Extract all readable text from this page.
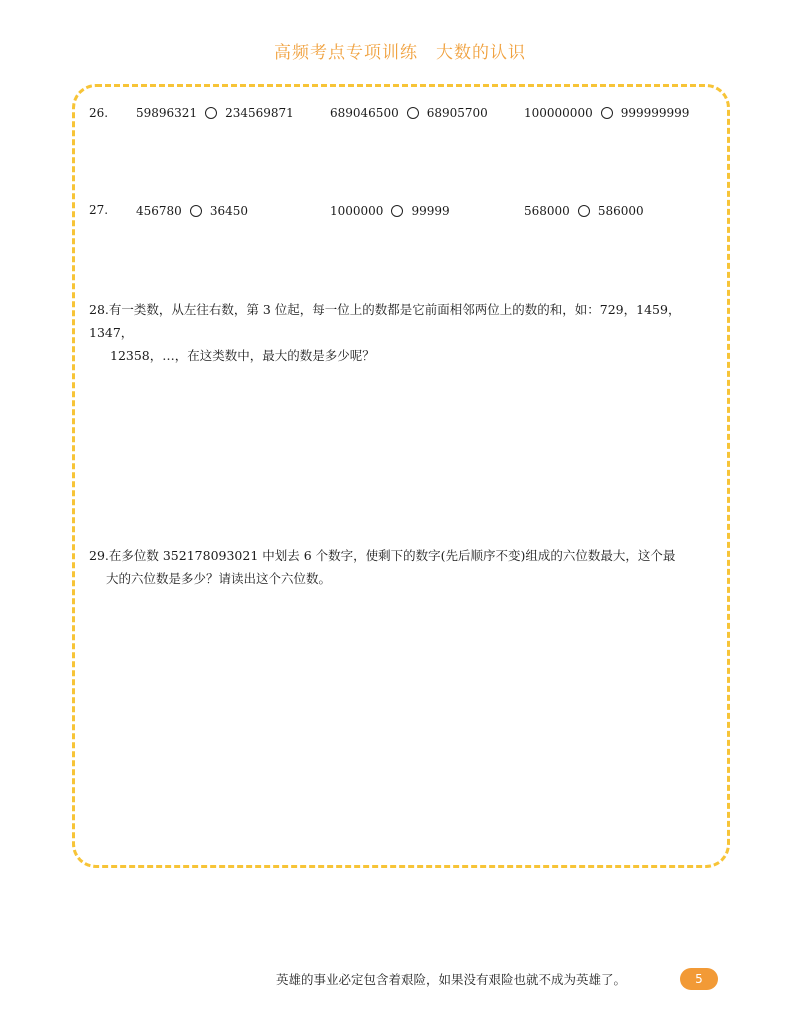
高频考点专项训练 大数的认识
26. 59896321 234569871	689046500 68905700	100000000 999999999
27. 456780 36450	1000000 99999	568000 586000
28.有一类数，从左往右数，第 3 位起，每一位上的数都是它前面相邻两位上的数的和，如：729，1459，1347，
12358，…，在这类数中，最大的数是多少呢？
29.在多位数 352178093021 中划去 6 个数字，使剩下的数字(先后顺序不变)组成的六位数最大，这个最
大的六位数是多少？请读出这个六位数。
英雄的事业必定包含着艰险，如果没有艰险也就不成为英雄了。	5
